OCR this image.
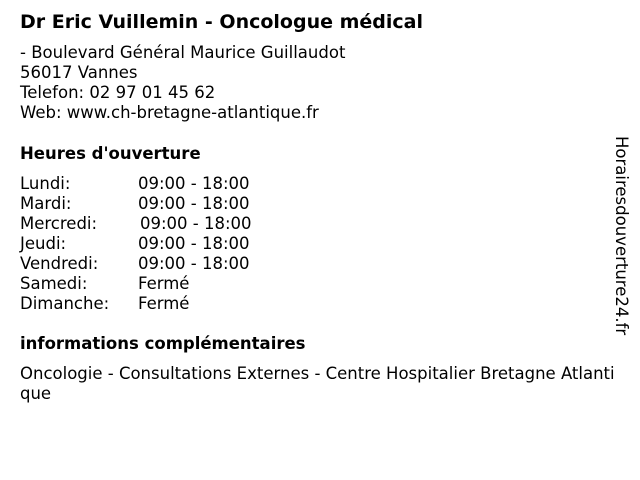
Dr Eric Vuillemin - Oncologue médical
- Boulevard Général Maurice Guillaudot
56017 Vannes
Telefon: 02 97 01 45 62
Web: www.ch-bretagne-atlantique.fr
Heures d'ouverture
Lundi:	09:00 - 18:00
Mardi:	09:00 - 18:00
Mercredi:	09:00 - 18:00
Jeudi:	09:00 - 18:00
Vendredi: 09:00 - 18:00
Samedi:	Fermé
Dimanche: Fermé
informations complémentaires
Oncologie - Consultations Externes - Centre Hospitalier Bretagne Atlantique
Horairesdouverture24.fr
